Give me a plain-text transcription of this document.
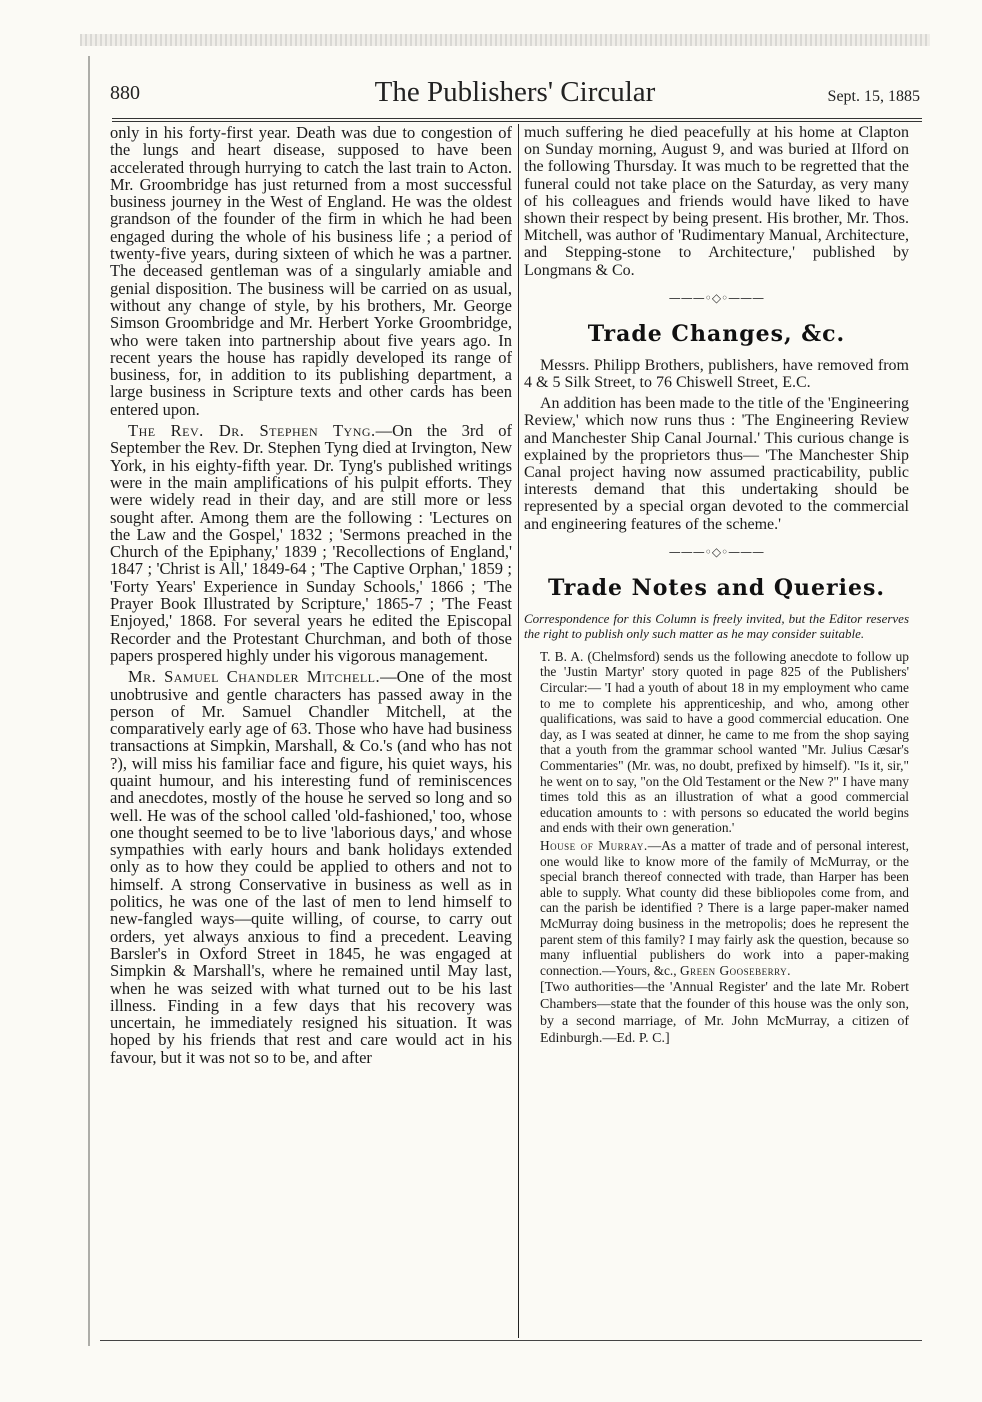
880	The Publishers' Circular	Sept. 15, 1885

only in his forty-first year. Death was due to congestion of the lungs and heart disease, supposed to have been accelerated through hurrying to catch the last train to Acton. Mr. Groombridge has just returned from a most successful business journey in the West of England. He was the oldest grandson of the founder of the firm in which he had been engaged during the whole of his business life ; a period of twenty-five years, during sixteen of which he was a partner. The deceased gentleman was of a singularly amiable and genial disposition. The business will be carried on as usual, without any change of style, by his brothers, Mr. George Simson Groombridge and Mr. Herbert Yorke Groombridge, who were taken into partnership about five years ago. In recent years the house has rapidly developed its range of business, for, in addition to its publishing department, a large business in Scripture texts and other cards has been entered upon.

The Rev. Dr. Stephen Tyng.—On the 3rd of September the Rev. Dr. Stephen Tyng died at Irvington, New York, in his eighty-fifth year. Dr. Tyng's published writings were in the main amplifications of his pulpit efforts. They were widely read in their day, and are still more or less sought after. Among them are the following : 'Lectures on the Law and the Gospel,' 1832 ; 'Sermons preached in the Church of the Epiphany,' 1839 ; 'Recollections of England,' 1847 ; 'Christ is All,' 1849-64 ; 'The Captive Orphan,' 1859 ; 'Forty Years' Experience in Sunday Schools,' 1866 ; 'The Prayer Book Illustrated by Scripture,' 1865-7 ; 'The Feast Enjoyed,' 1868. For several years he edited the Episcopal Recorder and the Protestant Churchman, and both of those papers prospered highly under his vigorous management.

Mr. Samuel Chandler Mitchell.—One of the most unobtrusive and gentle characters has passed away in the person of Mr. Samuel Chandler Mitchell, at the comparatively early age of 63. Those who have had business transactions at Simpkin, Marshall, & Co.'s (and who has not ?), will miss his familiar face and figure, his quiet ways, his quaint humour, and his interesting fund of reminiscences and anecdotes, mostly of the house he served so long and so well. He was of the school called 'old-fashioned,' too, whose one thought seemed to be to live 'laborious days,' and whose sympathies with early hours and bank holidays extended only as to how they could be applied to others and not to himself. A strong Conservative in business as well as in politics, he was one of the last of men to lend himself to new-fangled ways—quite willing, of course, to carry out orders, yet always anxious to find a precedent. Leaving Barsler's in Oxford Street in 1845, he was engaged at Simpkin & Marshall's, where he remained until May last, when he was seized with what turned out to be his last illness. Finding in a few days that his recovery was uncertain, he immediately resigned his situation. It was hoped by his friends that rest and care would act in his favour, but it was not so to be, and after

much suffering he died peacefully at his home at Clapton on Sunday morning, August 9, and was buried at Ilford on the following Thursday. It was much to be regretted that the funeral could not take place on the Saturday, as very many of his colleagues and friends would have liked to have shown their respect by being present. His brother, Mr. Thos. Mitchell, was author of 'Rudimentary Manual, Architecture, and Stepping-stone to Architecture,' published by Longmans & Co.

———◦◇◦———
Trade Changes, &c.

Messrs. Philipp Brothers, publishers, have removed from 4 & 5 Silk Street, to 76 Chiswell Street, E.C.

An addition has been made to the title of the 'Engineering Review,' which now runs thus : 'The Engineering Review and Manchester Ship Canal Journal.' This curious change is explained by the proprietors thus— 'The Manchester Ship Canal project having now assumed practicability, public interests demand that this undertaking should be represented by a special organ devoted to the commercial and engineering features of the scheme.'

———◦◇◦———
Trade Notes and Queries.

Correspondence for this Column is freely invited, but the Editor reserves the right to publish only such matter as he may consider suitable.

T. B. A. (Chelmsford) sends us the following anecdote to follow up the 'Justin Martyr' story quoted in page 825 of the Publishers' Circular:— 'I had a youth of about 18 in my employment who came to me to complete his apprenticeship, and who, among other qualifications, was said to have a good commercial education. One day, as I was seated at dinner, he came to me from the shop saying that a youth from the grammar school wanted "Mr. Julius Cæsar's Commentaries" (Mr. was, no doubt, prefixed by himself). "Is it, sir," he went on to say, "on the Old Testament or the New ?" I have many times told this as an illustration of what a good commercial education amounts to : with persons so educated the world begins and ends with their own generation.'

House of Murray.—As a matter of trade and of personal interest, one would like to know more of the family of McMurray, or the special branch thereof connected with trade, than Harper has been able to supply. What county did these bibliopoles come from, and can the parish be identified ? There is a large paper-maker named McMurray doing business in the metropolis; does he represent the parent stem of this family? I may fairly ask the question, because so many influential publishers do work into a paper-making connection.—Yours, &c., Green Gooseberry.

[Two authorities—the 'Annual Register' and the late Mr. Robert Chambers—state that the founder of this house was the only son, by a second marriage, of Mr. John McMurray, a citizen of Edinburgh.—Ed. P. C.]
